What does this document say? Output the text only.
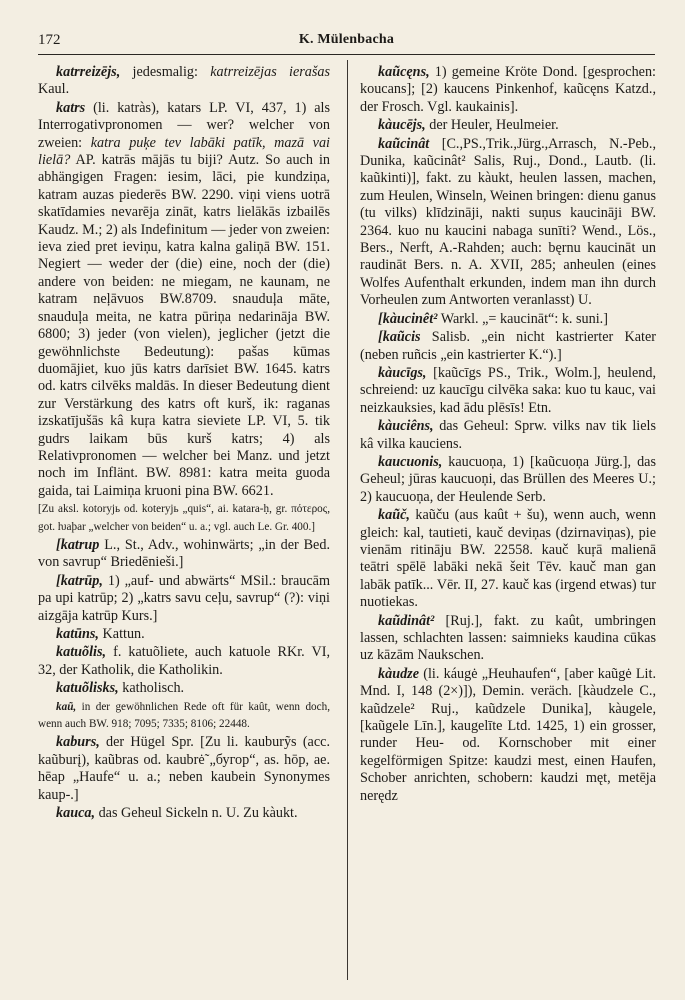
172	K. Mülenbacha

katrreizējs, jedesmalig: katrreizējas ierašas Kaul.

katrs (li. katràs), katars LP. VI, 437, 1) als Interrogativpronomen — wer? welcher von zweien: katra puķe tev labāki patīk, mazā vai lielā? AP. katrās mājās tu biji? Autz. So auch in abhängigen Fragen: iesim, lāci, pie kundziņa, katram auzas piederēs BW. 2290. viņi viens uotrā skatīdamies nevarēja zināt, katrs lielākās izbailēs Kaudz. M.; 2) als Indefinitum — jeder von zweien: ieva zied pret ieviņu, katra kalna galiņā BW. 151. Negiert — weder der (die) eine, noch der (die) andere von beiden: ne miegam, ne kaunam, ne katram neļāvuos BW.8709. snauduļa māte, snauduļa meita, ne katra pūriņa nedarināja BW. 6800; 3) jeder (von vielen), jeglicher (jetzt die gewöhnlichste Bedeutung): pašas kūmas duomājiet, kuo jūs katrs darīsiet BW. 1645. katrs od. katrs cilvēks maldās. In dieser Bedeutung dient zur Verstärkung des katrs oft kurš, ik: raganas izskatījušās kâ kuŗa katra sieviete LP. VI, 5. tik gudrs laikam būs kurš katrs; 4) als Relativpronomen — welcher bei Manz. und jetzt noch im Inflänt. BW. 8981: katra meita guoda gaida, tai Laimiņa kruoni pina BW. 6621.

[Zu aksl. kotoryjь od. koteryjь „quis“, ai. katara-ḥ, gr. πότερος, got. ƕaþar „welcher von beiden“ u. a.; vgl. auch Le. Gr. 400.]

[katrup L., St., Adv., wohinwärts; „in der Bed. von savrup“ Briedēnieši.]

[katrūp, 1) „auf- und abwärts“ MSil.: braucām pa upi katrūp; 2) „katrs savu ceļu, savrup“ (?): viņi aizgāja katrūp Kurs.]

katūns, Kattun.

katuõlis, f. katuõliete, auch katuole RKr. VI, 32, der Katholik, die Katholikin.

katuõlisks, katholisch.

kaũ, in der gewöhnlichen Rede oft für kaût, wenn doch, wenn auch BW. 918; 7095; 7335; 8106; 22448.

kaburs, der Hügel Spr. [Zu li. kauburỹs (acc. kaũburį), kaũbras od. kaubrė̃ „бугор“, as. hōp, ae. hēap „Haufe“ u. a.; neben kaubein Synonymes kaup-.]

kauca, das Geheul Sickeln n. U. Zu kàukt.

kaũcęns, 1) gemeine Kröte Dond. [gesprochen: koucans]; [2) kaucens Pinkenhof, kaũcęns Katzd., der Frosch. Vgl. kaukainis].

kàucējs, der Heuler, Heulmeier.

kaũcinât [C.,PS.,Trik.,Jürg.,Arrasch, N.-Peb., Dunika, kaũcinât² Salis, Ruj., Dond., Lautb. (li. kaũkinti)], fakt. zu kàukt, heulen lassen, machen, zum Heulen, Winseln, Weinen bringen: dienu ganus (tu vilks) klīdzināji, nakti suņus kaucināji BW. 2364. kuo nu kaucini nabaga sunīti? Wend., Lös., Bers., Nerft, A.-Rahden; auch: bęrnu kaucināt un raudināt Bers. n. A. XVII, 285; anheulen (eines Wolfes Aufenthalt erkunden, indem man ihn durch Vorheulen zum Antworten veranlasst) U.

[kàucinêt² Warkl. „= kaucināt“: k. suni.]

[kaũcis Salisb. „ein nicht kastrierter Kater (neben ruñcis „ein kastrierter K.“).]

kàucīgs, [kaũcīgs PS., Trik., Wolm.], heulend, schreiend: uz kaucīgu cilvēka saka: kuo tu kauc, vai neizkauksies, kad ādu plēsīs! Etn.

kàuciêns, das Geheul: Sprw. vilks nav tik liels kâ vilka kauciens.

kaucuonis, kaucuoņa, 1) [kaũcuoņa Jürg.], das Geheul; jūras kaucuoņi, das Brüllen des Meeres U.; 2) kaucuoņa, der Heulende Serb.

kaũč, kaũču (aus kaût + šu), wenn auch, wenn gleich: kal, tautieti, kauč deviņas (dzirnaviņas), pie vienām ritināju BW. 22558. kauč kuŗā malienā teātri spēlē labāki nekā šeit Tēv. kauč man gan labāk patīk... Vēr. II, 27. kauč kas (irgend etwas) tur nuotiekas.

kaũdinât² [Ruj.], fakt. zu kaût, umbringen lassen, schlachten lassen: saimnieks kaudina cūkas uz kāzām Naukschen.

kàudze (li. káugė „Heuhaufen“, [aber kaũgė Lit. Mnd. I, 148 (2×)]), Demin. veräch. [kàudzele C., kaũdzele² Ruj., kaũdzele Dunika], kàugele, [kaũgele Līn.], kaugelīte Ltd. 1425, 1) ein grosser, runder Heu- od. Kornschober mit einer kegelförmigen Spitze: kaudzi mest, einen Haufen, Schober anrichten, schobern: kaudzi męt, metēja nerędz
